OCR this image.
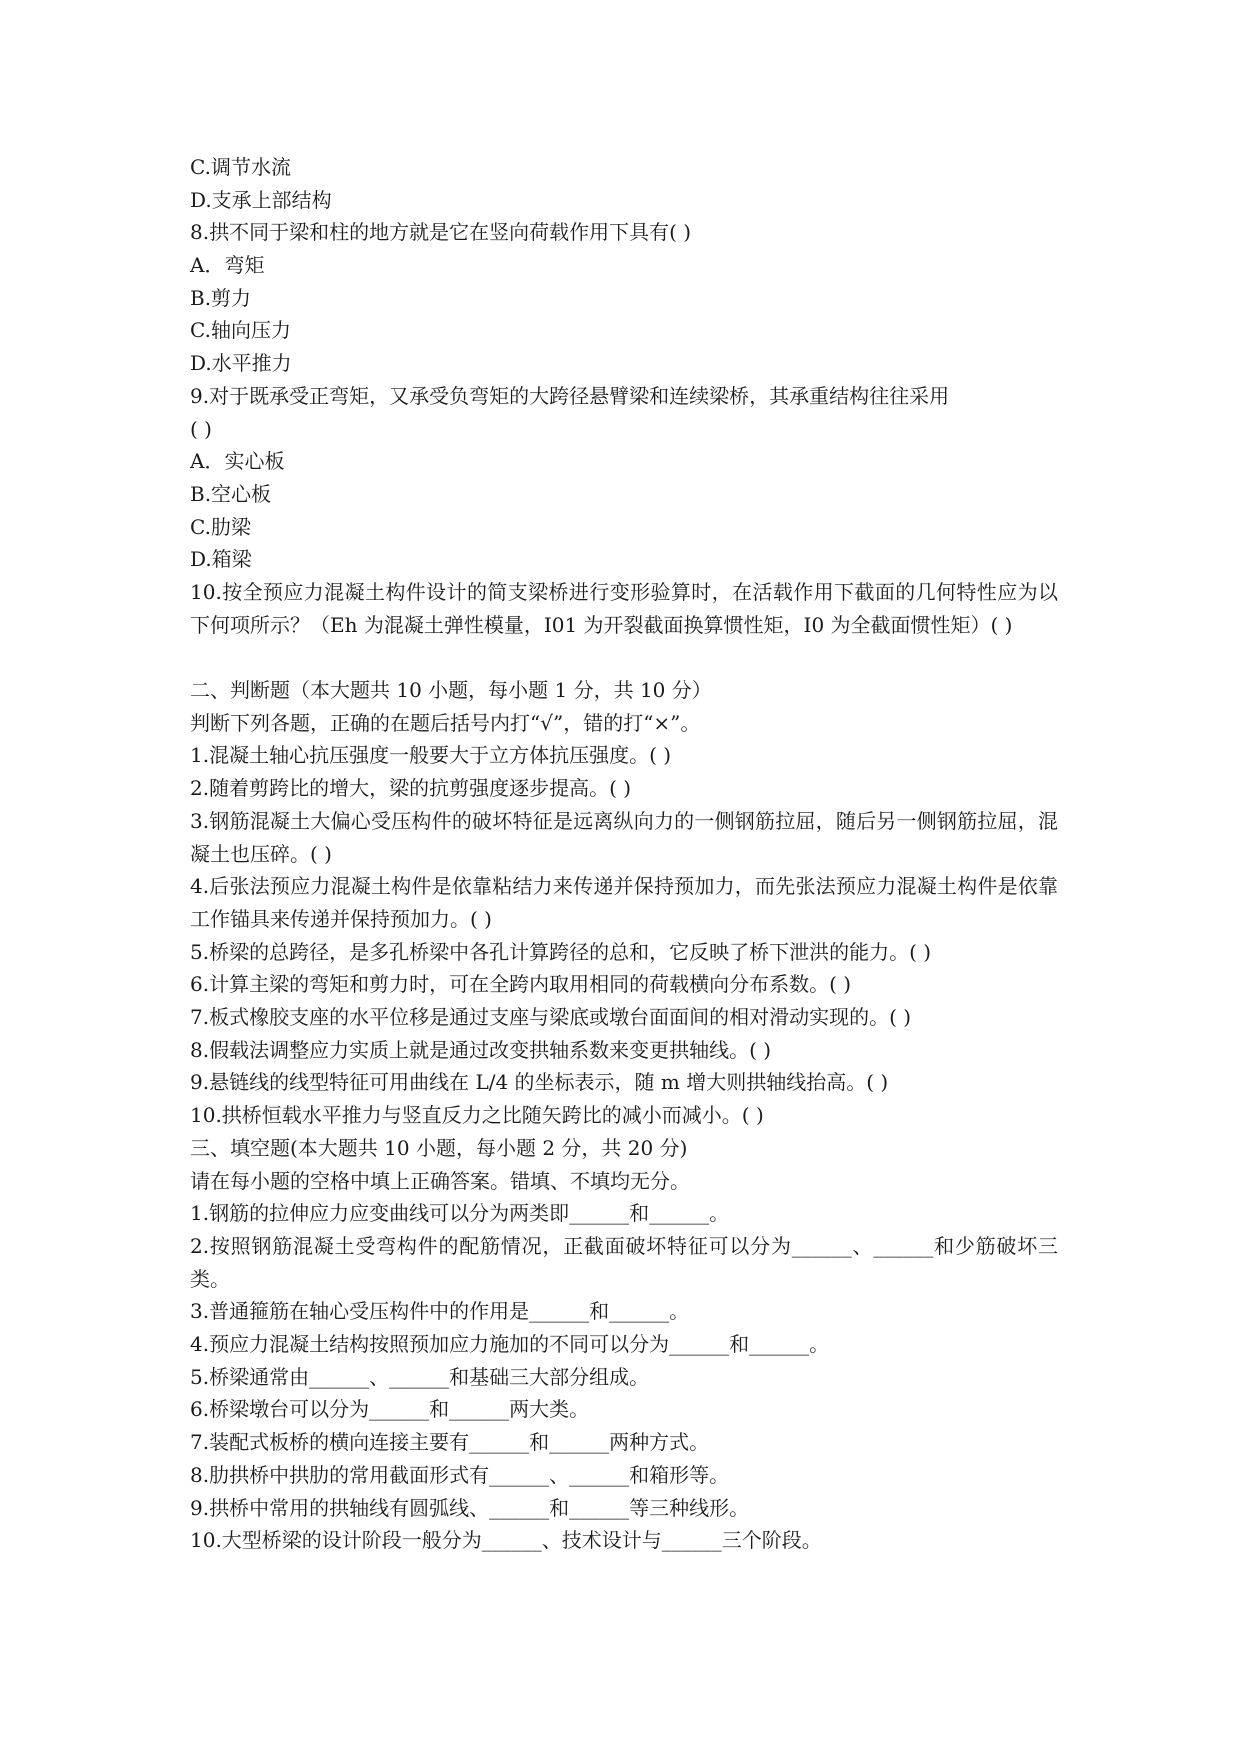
C.调节水流
D.支承上部结构
8.拱不同于梁和柱的地方就是它在竖向荷载作用下具有( )
A．弯矩
B.剪力
C.轴向压力
D.水平推力
9.对于既承受正弯矩，又承受负弯矩的大跨径悬臂梁和连续梁桥，其承重结构往往采用
( )
A．实心板
B.空心板
C.肋梁
D.箱梁
10.按全预应力混凝土构件设计的简支梁桥进行变形验算时，在活载作用下截面的几何特性应为以下何项所示？（Eh 为混凝土弹性模量，I01 为开裂截面换算惯性矩，I0 为全截面惯性矩）( )
二、判断题（本大题共 10 小题，每小题 1 分，共 10 分）
判断下列各题，正确的在题后括号内打“√”，错的打“×”。
1.混凝土轴心抗压强度一般要大于立方体抗压强度。( )
2.随着剪跨比的增大，梁的抗剪强度逐步提高。( )
3.钢筋混凝土大偏心受压构件的破坏特征是远离纵向力的一侧钢筋拉屈，随后另一侧钢筋拉屈，混凝土也压碎。( )
4.后张法预应力混凝土构件是依靠粘结力来传递并保持预加力，而先张法预应力混凝土构件是依靠工作锚具来传递并保持预加力。( )
5.桥梁的总跨径，是多孔桥梁中各孔计算跨径的总和，它反映了桥下泄洪的能力。( )
6.计算主梁的弯矩和剪力时，可在全跨内取用相同的荷载横向分布系数。( )
7.板式橡胶支座的水平位移是通过支座与梁底或墩台面面间的相对滑动实现的。( )
8.假载法调整应力实质上就是通过改变拱轴系数来变更拱轴线。( )
9.悬链线的线型特征可用曲线在 L/4 的坐标表示，随 m 增大则拱轴线抬高。( )
10.拱桥恒载水平推力与竖直反力之比随矢跨比的减小而减小。( )
三、填空题(本大题共 10 小题，每小题 2 分，共 20 分)
请在每小题的空格中填上正确答案。错填、不填均无分。
1.钢筋的拉伸应力应变曲线可以分为两类即______和______。
2.按照钢筋混凝土受弯构件的配筋情况，正截面破坏特征可以分为______、______和少筋破坏三类。
3.普通箍筋在轴心受压构件中的作用是______和______。
4.预应力混凝土结构按照预加应力施加的不同可以分为______和______。
5.桥梁通常由______、______和基础三大部分组成。
6.桥梁墩台可以分为______和______两大类。
7.装配式板桥的横向连接主要有______和______两种方式。
8.肋拱桥中拱肋的常用截面形式有______、______和箱形等。
9.拱桥中常用的拱轴线有圆弧线、______和______等三种线形。
10.大型桥梁的设计阶段一般分为______、技术设计与______三个阶段。
